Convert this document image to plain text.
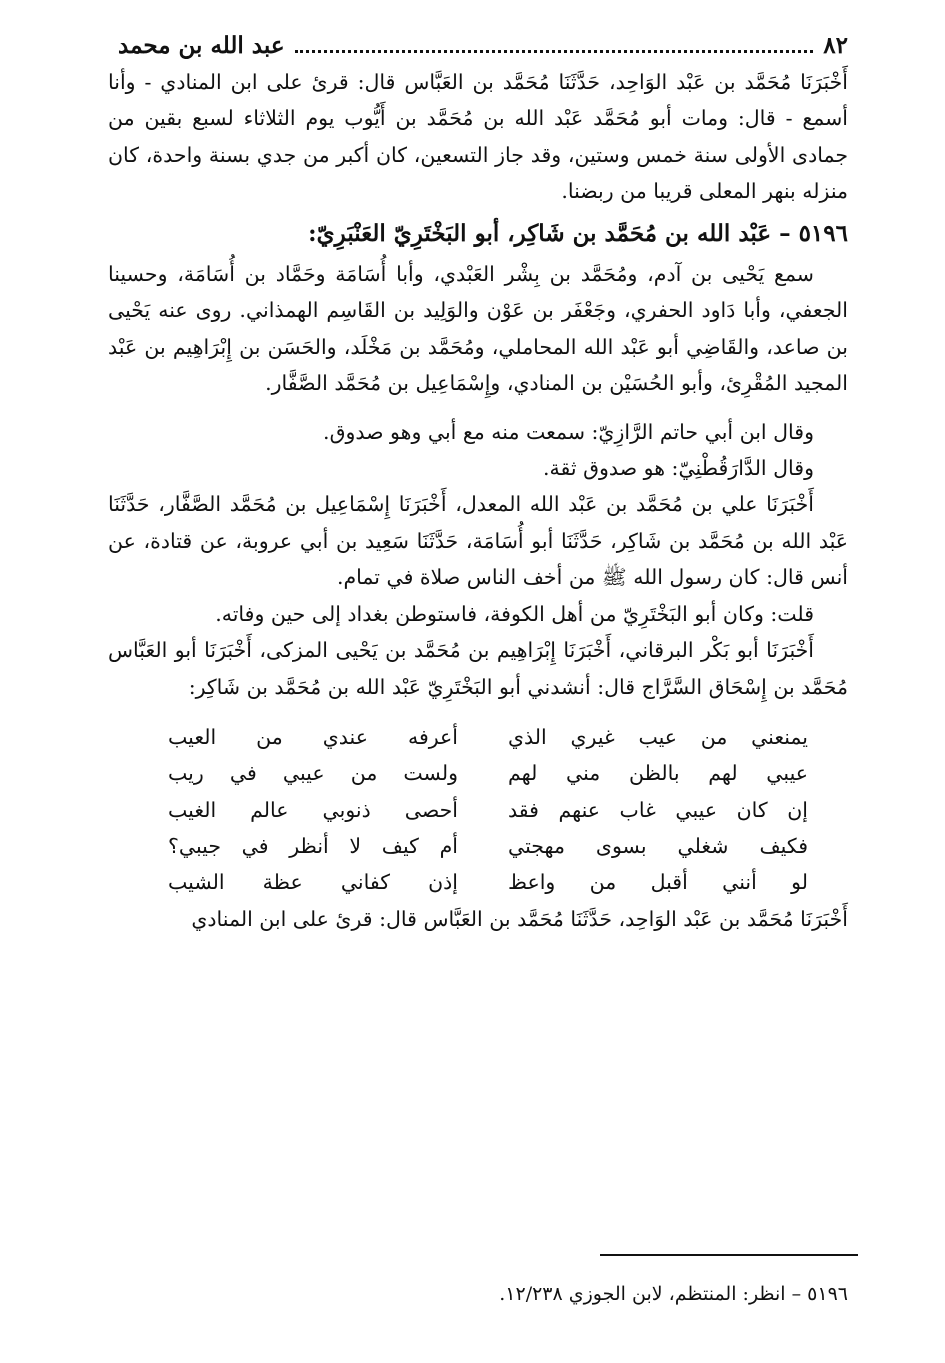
٨٢
عبد الله بن محمد

أَخْبَرَنَا مُحَمَّد بن عَبْد الوَاحِد، حَدَّثَنَا مُحَمَّد بن العَبَّاس قال: قرئ على ابن المنادي - وأنا أسمع - قال: ومات أبو مُحَمَّد عَبْد الله بن مُحَمَّد بن أَيُّوب يوم الثلاثاء لسبع بقين من جمادى الأولى سنة خمس وستين، وقد جاز التسعين، كان أكبر من جدي بسنة واحدة، كان منزله بنهر المعلى قريبا من ربضنا.

٥١٩٦ – عَبْد الله بن مُحَمَّد بن شَاكِر، أبو البَخْتَرِيّ العَنْبَرِيّ:

سمع يَحْيى بن آدم، ومُحَمَّد بن بِشْر العَبْدي، وأبا أُسَامَة وحَمَّاد بن أُسَامَة، وحسينا الجعفي، وأبا دَاود الحفري، وجَعْفَر بن عَوْن والوَلِيد بن القَاسِم الهمذاني. روى عنه يَحْيى بن صاعد، والقَاضِي أبو عَبْد الله المحاملي، ومُحَمَّد بن مَخْلَد، والحَسَن بن إِبْرَاهِيم بن عَبْد المجيد المُقْرِئ، وأبو الحُسَيْن بن المنادي، وإِسْمَاعِيل بن مُحَمَّد الصَّفَّار.

وقال ابن أبي حاتم الرَّازِيّ: سمعت منه مع أبي وهو صدوق.

وقال الدَّارَقُطْنِيّ: هو صدوق ثقة.

أَخْبَرَنَا علي بن مُحَمَّد بن عَبْد الله المعدل، أَخْبَرَنَا إِسْمَاعِيل بن مُحَمَّد الصَّفَّار، حَدَّثَنَا عَبْد الله بن مُحَمَّد بن شَاكِر، حَدَّثَنَا أبو أُسَامَة، حَدَّثَنَا سَعِيد بن أبي عروبة، عن قتادة، عن أنس قال: كان رسول الله ﷺ من أخف الناس صلاة في تمام.

قلت: وكان أبو البَخْتَرِيّ من أهل الكوفة، فاستوطن بغداد إلى حين وفاته.

أَخْبَرَنَا أبو بَكْر البرقاني، أَخْبَرَنَا إِبْرَاهِيم بن مُحَمَّد بن يَحْيى المزكى، أَخْبَرَنَا أبو العَبَّاس مُحَمَّد بن إِسْحَاق السَّرَّاج قال: أنشدني أبو البَخْتَرِيّ عَبْد الله بن مُحَمَّد بن شَاكِر:

يمنعني من عيب غيري الذي
أعرفه عندي من العيب
عيبي لهم بالظن مني لهم
ولست من عيبي في ريب
إن كان عيبي غاب عنهم فقد
أحصى ذنوبي عالم الغيب
فكيف شغلي بسوى مهجتي
أم كيف لا أنظر في جيبي؟
لو أنني أقبل من واعظ
إذن كفاني عظة الشيب

أَخْبَرَنَا مُحَمَّد بن عَبْد الوَاحِد، حَدَّثَنَا مُحَمَّد بن العَبَّاس قال: قرئ على ابن المنادي

٥١٩٦ – انظر: المنتظم، لابن الجوزي ١٢/٢٣٨.
